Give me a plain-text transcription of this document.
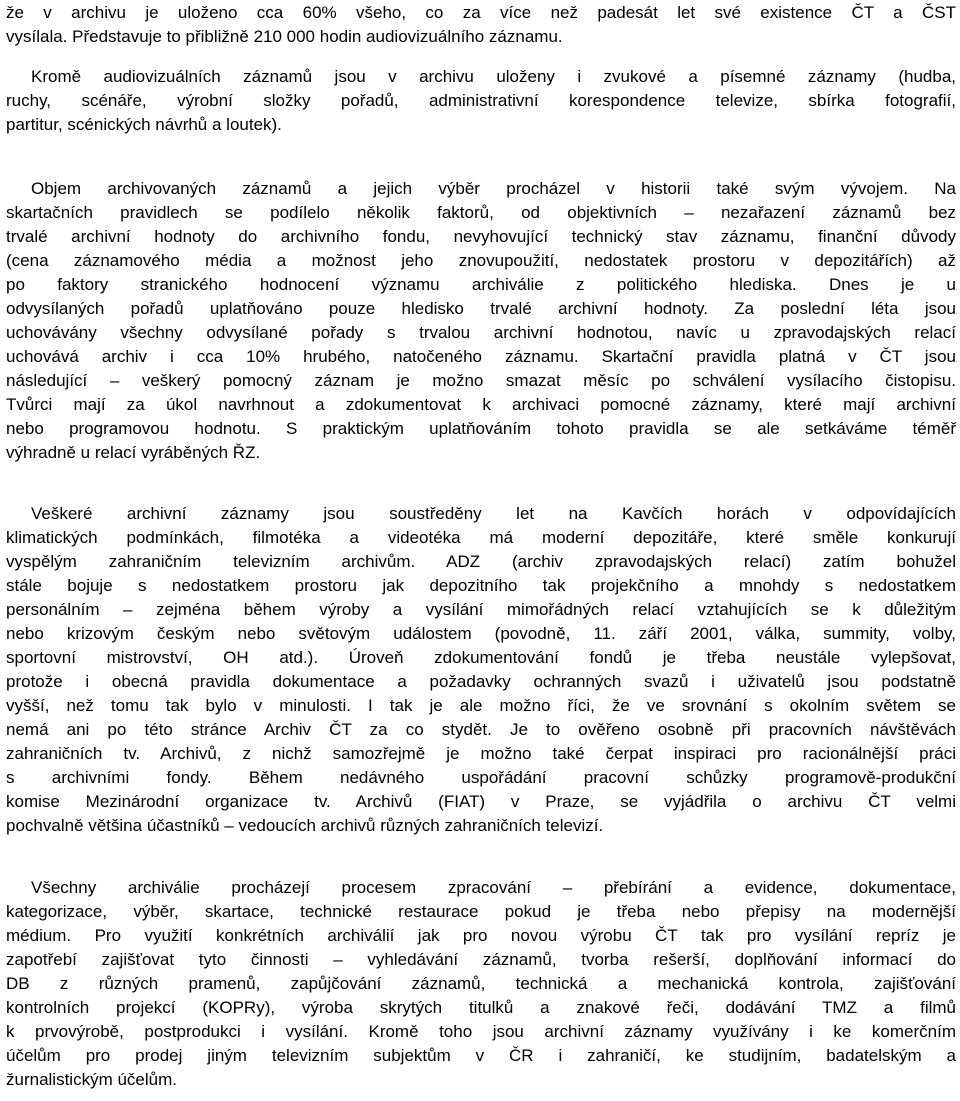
že v archivu je uloženo cca 60% všeho, co za více než padesát let své existence ČT a ČST
vysílala. Představuje to přibližně 210 000 hodin audiovizuálního záznamu.
Kromě audiovizuálních záznamů jsou v archivu uloženy i zvukové a písemné záznamy (hudba,
ruchy, scénáře, výrobní složky pořadů, administrativní korespondence televize, sbírka fotografií,
partitur, scénických návrhů a loutek).
Objem archivovaných záznamů a jejich výběr procházel v historii také svým vývojem. Na
skartačních pravidlech se podílelo několik faktorů, od objektivních – nezařazení záznamů bez
trvalé archivní hodnoty do archivního fondu, nevyhovující technický stav záznamu, finanční důvody
(cena záznamového média a možnost jeho znovupoužití, nedostatek prostoru v depozitářích) až
po faktory stranického hodnocení významu archiválie z politického hlediska. Dnes je u
odvysílaných pořadů uplatňováno pouze hledisko trvalé archivní hodnoty. Za poslední léta jsou
uchovávány všechny odvysílané pořady s trvalou archivní hodnotou, navíc u zpravodajských relací
uchovává archiv i cca 10% hrubého, natočeného záznamu. Skartační pravidla platná v ČT jsou
následující – veškerý pomocný záznam je možno smazat měsíc po schválení vysílacího čistopisu.
Tvůrci mají za úkol navrhnout a zdokumentovat k archivaci pomocné záznamy, které mají archivní
nebo programovou hodnotu. S praktickým uplatňováním tohoto pravidla se ale setkáváme téměř
výhradně u relací vyráběných ŘZ.
Veškeré archivní záznamy jsou soustředěny let na Kavčích horách v odpovídajících
klimatických podmínkách, filmotéka a videotéka má moderní depozitáře, které směle konkurují
vyspělým zahraničním televizním archivům. ADZ (archiv zpravodajských relací) zatím bohužel
stále bojuje s nedostatkem prostoru jak depozitního tak projekčního a mnohdy s nedostatkem
personálním – zejména během výroby a vysílání mimořádných relací vztahujících se k důležitým
nebo krizovým českým nebo světovým událostem (povodně, 11. září 2001, válka, summity, volby,
sportovní mistrovství, OH atd.). Úroveň zdokumentování fondů je třeba neustále vylepšovat,
protože i obecná pravidla dokumentace a požadavky ochranných svazů i uživatelů jsou podstatně
vyšší, než tomu tak bylo v minulosti. I tak je ale možno říci, že ve srovnání s okolním světem se
nemá ani po této stránce Archiv ČT za co stydět. Je to ověřeno osobně při pracovních návštěvách
zahraničních tv. Archivů, z nichž samozřejmě je možno také čerpat inspiraci pro racionálnější práci
s archivními fondy. Během nedávného uspořádání pracovní schůzky programově-produkční
komise Mezinárodní organizace tv. Archivů (FIAT) v Praze, se vyjádřila o archivu ČT velmi
pochvalně většina účastníků – vedoucích archivů různých zahraničních televizí.
Všechny archiválie procházejí procesem zpracování – přebírání a evidence, dokumentace,
kategorizace, výběr, skartace, technické restaurace pokud je třeba nebo přepisy na modernější
médium. Pro využití konkrétních archiválií jak pro novou výrobu ČT tak pro vysílání repríz je
zapotřebí zajišťovat tyto činnosti – vyhledávání záznamů, tvorba rešerší, doplňování informací do
DB z různých pramenů, zapůjčování záznamů, technická a mechanická kontrola, zajišťování
kontrolních projekcí (KOPRy), výroba skrytých titulků a znakové řeči, dodávání TMZ a filmů
k prvovýrobě, postprodukci i vysílání. Kromě toho jsou archivní záznamy využívány i ke komerčním
účelům pro prodej jiným televizním subjektům v ČR i zahraničí, ke studijním, badatelským a
žurnalistickým účelům.
